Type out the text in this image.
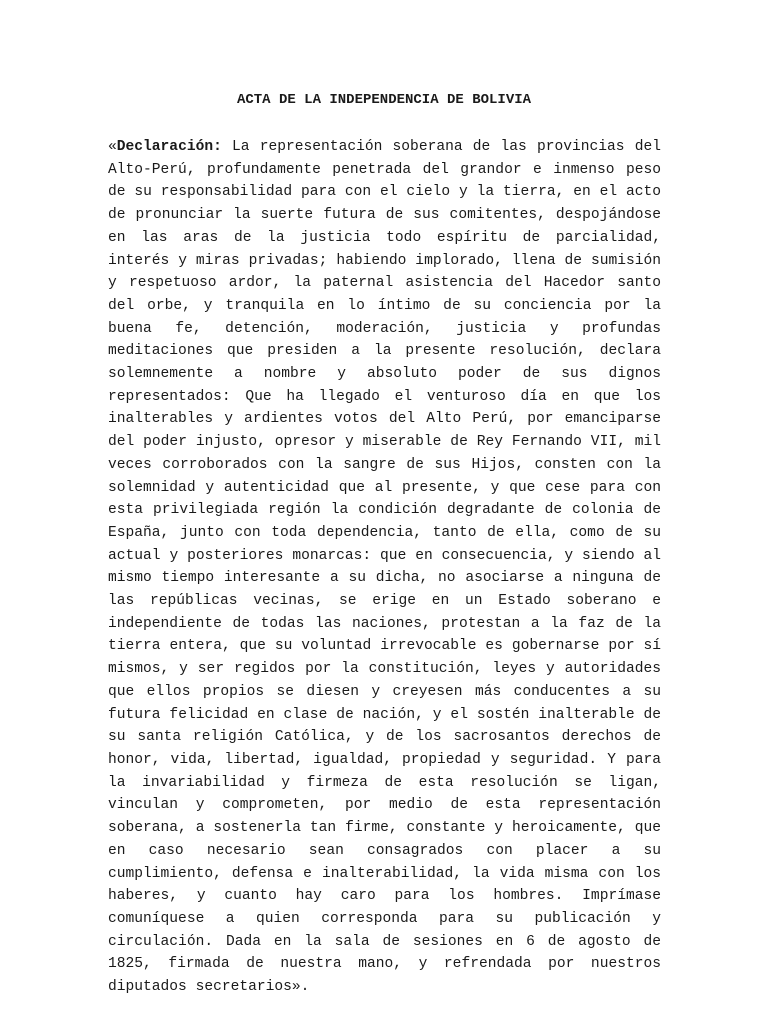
ACTA DE LA INDEPENDENCIA DE BOLIVIA

«Declaración: La representación soberana de las provincias del Alto-Perú, profundamente penetrada del grandor e inmenso peso de su responsabilidad para con el cielo y la tierra, en el acto de pronunciar la suerte futura de sus comitentes, despojándose en las aras de la justicia todo espíritu de parcialidad, interés y miras privadas; habiendo implorado, llena de sumisión y respetuoso ardor, la paternal asistencia del Hacedor santo del orbe, y tranquila en lo íntimo de su conciencia por la buena fe, detención, moderación, justicia y profundas meditaciones que presiden a la presente resolución, declara solemnemente a nombre y absoluto poder de sus dignos representados: Que ha llegado el venturoso día en que los inalterables y ardientes votos del Alto Perú, por emanciparse del poder injusto, opresor y miserable de Rey Fernando VII, mil veces corroborados con la sangre de sus Hijos, consten con la solemnidad y autenticidad que al presente, y que cese para con esta privilegiada región la condición degradante de colonia de España, junto con toda dependencia, tanto de ella, como de su actual y posteriores monarcas: que en consecuencia, y siendo al mismo tiempo interesante a su dicha, no asociarse a ninguna de las repúblicas vecinas, se erige en un Estado soberano e independiente de todas las naciones, protestan a la faz de la tierra entera, que su voluntad irrevocable es gobernarse por sí mismos, y ser regidos por la constitución, leyes y autoridades que ellos propios se diesen y creyesen más conducentes a su futura felicidad en clase de nación, y el sostén inalterable de su santa religión Católica, y de los sacrosantos derechos de honor, vida, libertad, igualdad, propiedad y seguridad. Y para la invariabilidad y firmeza de esta resolución se ligan, vinculan y comprometen, por medio de esta representación soberana, a sostenerla tan firme, constante y heroicamente, que en caso necesario sean consagrados con placer a su cumplimiento, defensa e inalterabilidad, la vida misma con los haberes, y cuanto hay caro para los hombres. Imprímase comuníquese a quien corresponda para su publicación y circulación. Dada en la sala de sesiones en 6 de agosto de 1825, firmada de nuestra mano, y refrendada por nuestros diputados secretarios».
